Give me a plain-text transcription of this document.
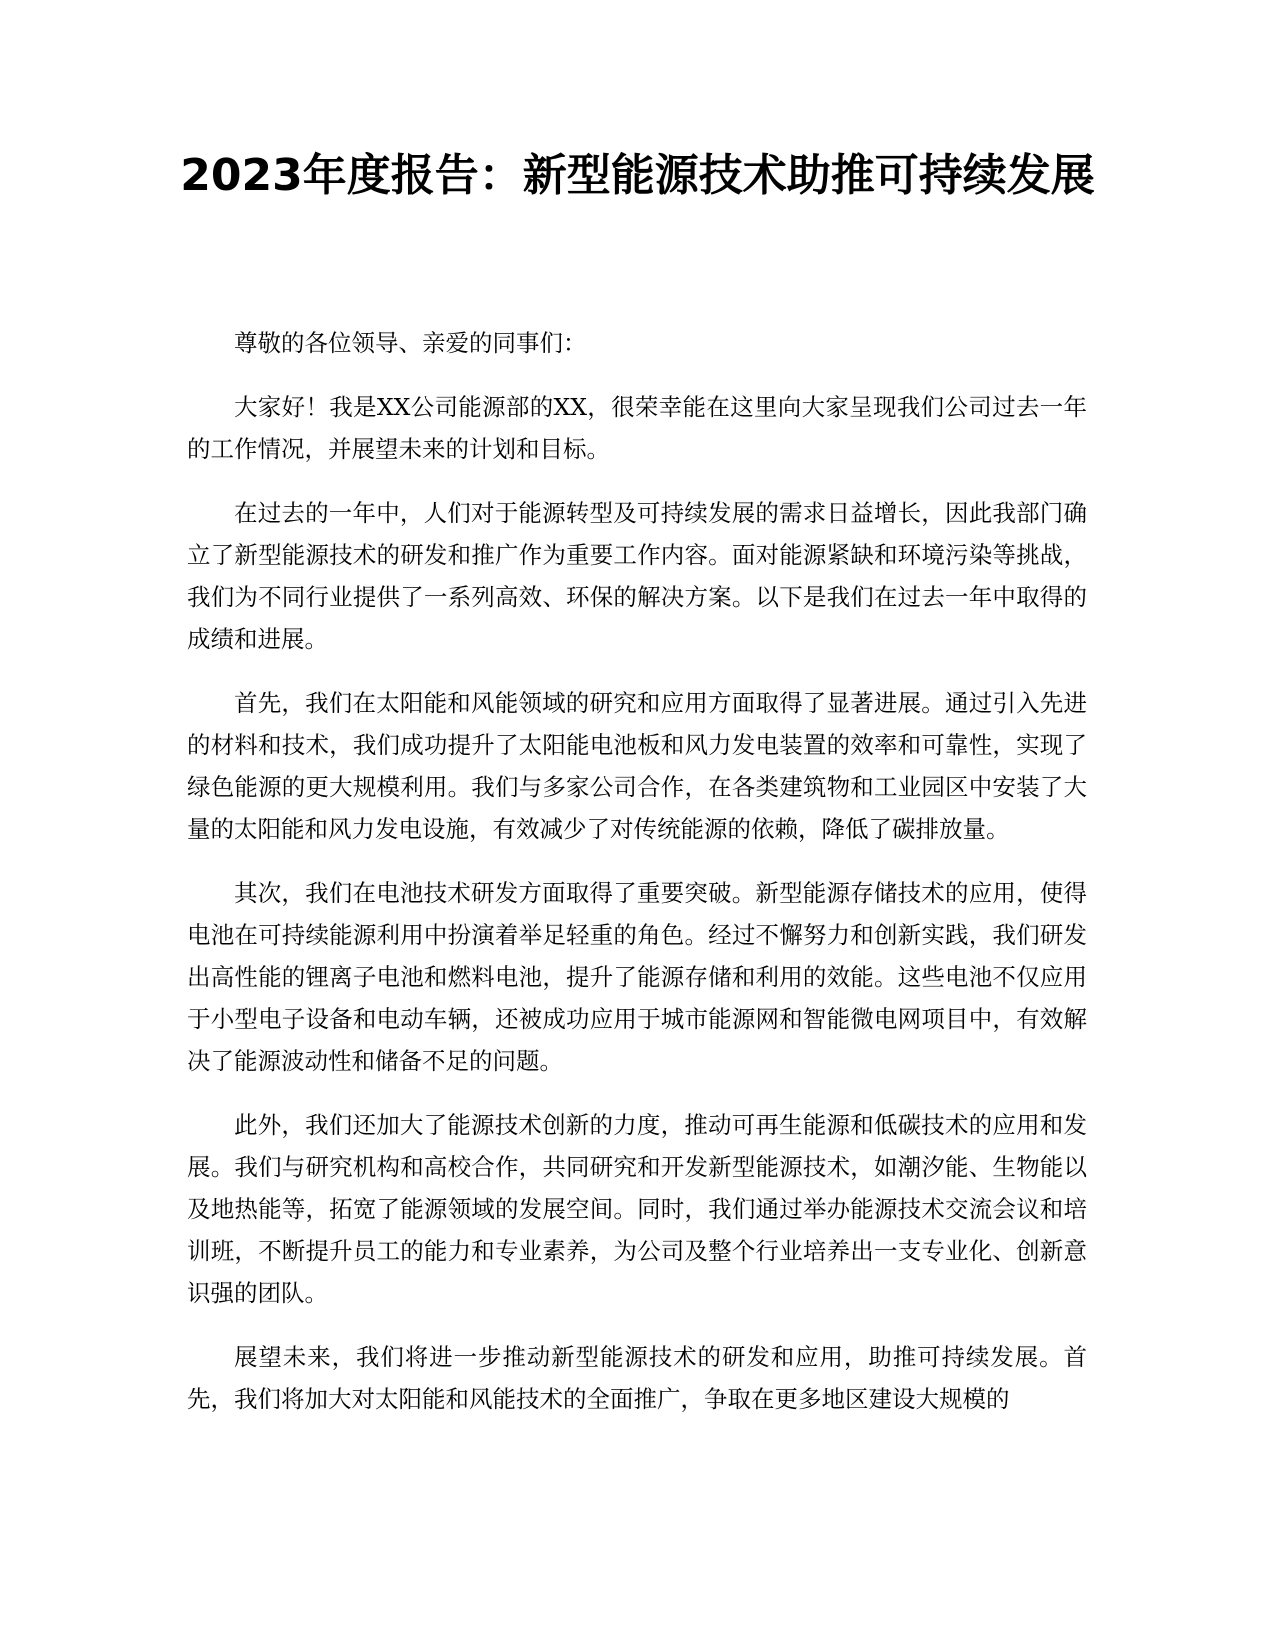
2023年度报告：新型能源技术助推可持续发展

尊敬的各位领导、亲爱的同事们：

大家好！我是XX公司能源部的XX，很荣幸能在这里向大家呈现我们公司过去一年的工作情况，并展望未来的计划和目标。

在过去的一年中，人们对于能源转型及可持续发展的需求日益增长，因此我部门确立了新型能源技术的研发和推广作为重要工作内容。面对能源紧缺和环境污染等挑战，我们为不同行业提供了一系列高效、环保的解决方案。以下是我们在过去一年中取得的成绩和进展。

首先，我们在太阳能和风能领域的研究和应用方面取得了显著进展。通过引入先进的材料和技术，我们成功提升了太阳能电池板和风力发电装置的效率和可靠性，实现了绿色能源的更大规模利用。我们与多家公司合作，在各类建筑物和工业园区中安装了大量的太阳能和风力发电设施，有效减少了对传统能源的依赖，降低了碳排放量。

其次，我们在电池技术研发方面取得了重要突破。新型能源存储技术的应用，使得电池在可持续能源利用中扮演着举足轻重的角色。经过不懈努力和创新实践，我们研发出高性能的锂离子电池和燃料电池，提升了能源存储和利用的效能。这些电池不仅应用于小型电子设备和电动车辆，还被成功应用于城市能源网和智能微电网项目中，有效解决了能源波动性和储备不足的问题。

此外，我们还加大了能源技术创新的力度，推动可再生能源和低碳技术的应用和发展。我们与研究机构和高校合作，共同研究和开发新型能源技术，如潮汐能、生物能以及地热能等，拓宽了能源领域的发展空间。同时，我们通过举办能源技术交流会议和培训班，不断提升员工的能力和专业素养，为公司及整个行业培养出一支专业化、创新意识强的团队。

展望未来，我们将进一步推动新型能源技术的研发和应用，助推可持续发展。首先，我们将加大对太阳能和风能技术的全面推广，争取在更多地区建设大规模的
